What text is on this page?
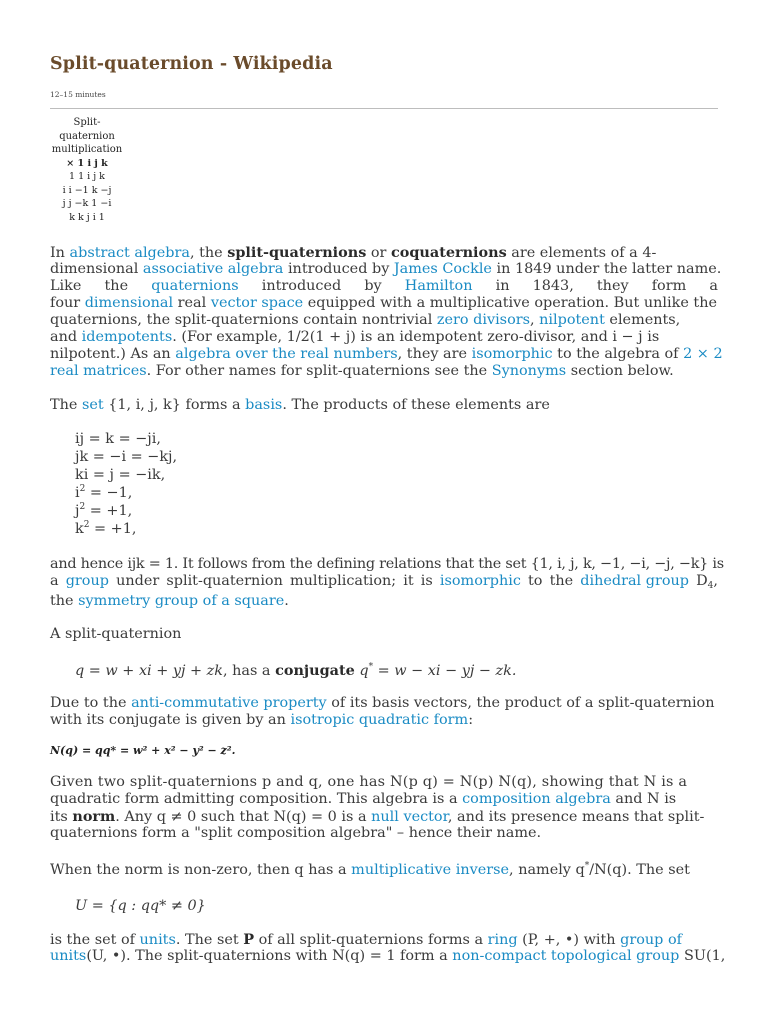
Split-quaternion - Wikipedia
12–15 minutes
Split-
quaternion
multiplication
× 1 i j k
1 1 i j k
i i −1 k −j
j j −k 1 −i
k k j i 1
In abstract algebra, the split-quaternions or coquaternions are elements of a 4-
dimensional associative algebra introduced by James Cockle in 1849 under the latter name.
Like the quaternions introduced by Hamilton in 1843, they form a
four dimensional real vector space equipped with a multiplicative operation. But unlike the
quaternions, the split-quaternions contain nontrivial zero divisors, nilpotent elements,
and idempotents. (For example, 1/2(1 + j) is an idempotent zero-divisor, and i − j is
nilpotent.) As an algebra over the real numbers, they are isomorphic to the algebra of 2 × 2
real matrices. For other names for split-quaternions see the Synonyms section below.
The set {1, i, j, k} forms a basis. The products of these elements are
ij = k = −ji,
jk = −i = −kj,
ki = j = −ik,
$i^2 = -1$,
$j^2 = +1$,
$k^2 = +1$,
and hence ijk = 1. It follows from the defining relations that the set {1, i, j, k, −1, −i, −j, −k} is
a group under split-quaternion multiplication; it is isomorphic to the dihedral group $D_4$,
the symmetry group of a square.
A split-quaternion
q = w + xi + yj + zk, has a conjugate q* = w − xi − yj − zk.
Due to the anti-commutative property of its basis vectors, the product of a split-quaternion
with its conjugate is given by an isotropic quadratic form:
N(q) = qq* = w² + x² − y² − z².
Given two split-quaternions p and q, one has N(p q) = N(p) N(q), showing that N is a
quadratic form admitting composition. This algebra is a composition algebra and N is
its norm. Any q ≠ 0 such that N(q) = 0 is a null vector, and its presence means that split-
quaternions form a "split composition algebra" – hence their name.
When the norm is non-zero, then q has a multiplicative inverse, namely q*/N(q). The set
U = {q : qq* ≠ 0}
is the set of units. The set P of all split-quaternions forms a ring (P, +, •) with group of
units(U, •). The split-quaternions with N(q) = 1 form a non-compact topological group SU(1,
